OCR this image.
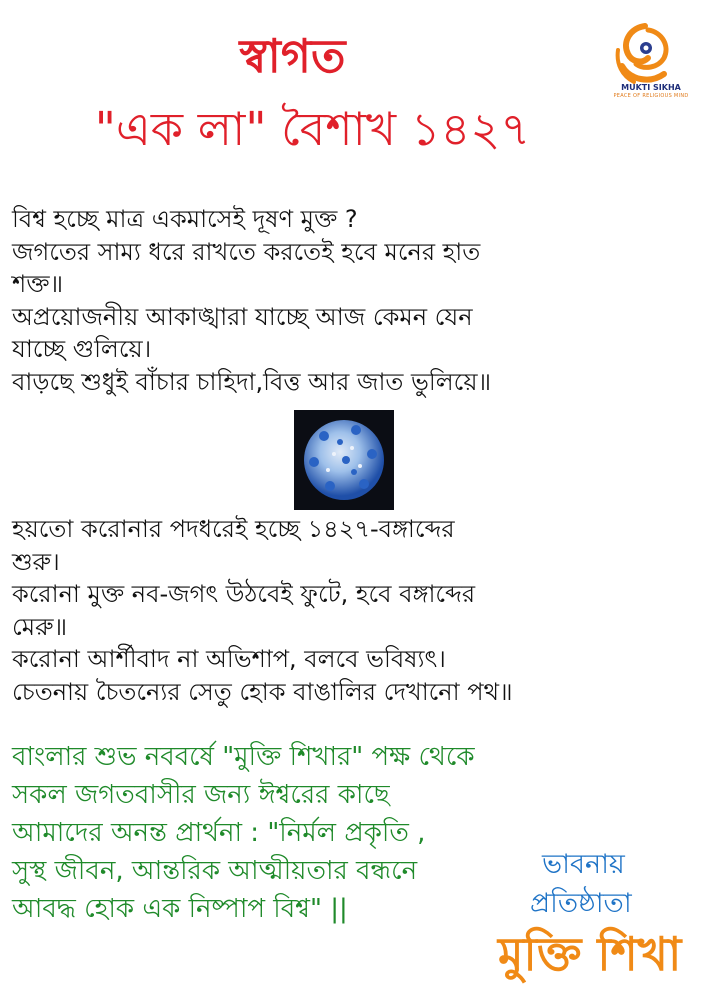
স্বাগত
"এক লা" বৈশাখ ১৪২৭
MUKTI SIKHA
PEACE OF RELIGIOUS MIND
বিশ্ব হচ্ছে মাত্র একমাসেই দূষণ মুক্ত ?
জগতের সাম্য ধরে রাখতে করতেই হবে মনের হাত
শক্ত॥
অপ্রয়োজনীয় আকাঙ্খারা যাচ্ছে আজ কেমন যেন
যাচ্ছে গুলিয়ে।
বাড়ছে শুধুই বাঁচার চাহিদা,বিত্ত আর জাত ভুলিয়ে॥
হয়তো করোনার পদধরেই হচ্ছে ১৪২৭-বঙ্গাব্দের
শুরু।
করোনা মুক্ত নব-জগৎ উঠবেই ফুটে, হবে বঙ্গাব্দের
মেরু॥
করোনা আর্শীবাদ না অভিশাপ, বলবে ভবিষ্যৎ।
চেতনায় চৈতন্যের সেতু হোক বাঙালির দেখানো পথ॥
বাংলার শুভ নববর্ষে "মুক্তি শিখার" পক্ষ থেকে
সকল জগতবাসীর জন্য ঈশ্বরের কাছে
আমাদের অনন্ত প্রার্থনা : "নির্মল প্রকৃতি ,
সুস্থ জীবন, আন্তরিক আত্মীয়তার বন্ধনে
আবদ্ধ হোক এক নিষ্পাপ বিশ্ব" ||
ভাবনায়
প্রতিষ্ঠাতা
মুক্তি শিখা
